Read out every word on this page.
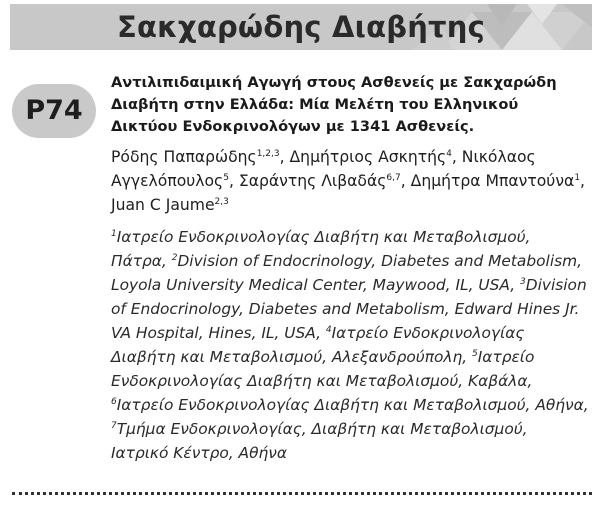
Σακχαρώδης Διαβήτης
P74
Αντιλιπιδαιμική Αγωγή στους Ασθενείς με Σακχαρώδη Διαβήτη στην Ελλάδα: Μία Μελέτη του Ελληνικού Δικτύου Ενδοκρινολόγων με 1341 Ασθενείς.
Ρόδης Παπαρώδης$^{1,2,3}$, Δημήτριος Ασκητής$^4$, Νικόλαος Αγγελόπουλος$^5$, Σαράντης Λιβαδάς$^{6,7}$, Δημήτρα Μπαντούνα$^1$, Juan C Jaume$^{2,3}$
$^1$Ιατρείο Ενδοκρινολογίας Διαβήτη και Μεταβολισμού, Πάτρα, $^2$Division of Endocrinology, Diabetes and Metabolism, Loyola University Medical Center, Maywood, IL, USA, $^3$Division of Endocrinology, Diabetes and Metabolism, Edward Hines Jr. VA Hospital, Hines, IL, USA, $^4$Ιατρείο Ενδοκρινολογίας Διαβήτη και Μεταβολισμού, Αλεξανδρούπολη, $^5$Ιατρείο Ενδοκρινολογίας Διαβήτη και Μεταβολισμού, Καβάλα, $^6$Ιατρείο Ενδοκρινολογίας Διαβήτη και Μεταβολισμού, Αθήνα, $^7$Τμήμα Ενδοκρινολογίας, Διαβήτη και Μεταβολισμού, Ιατρικό Κέντρο, Αθήνα
